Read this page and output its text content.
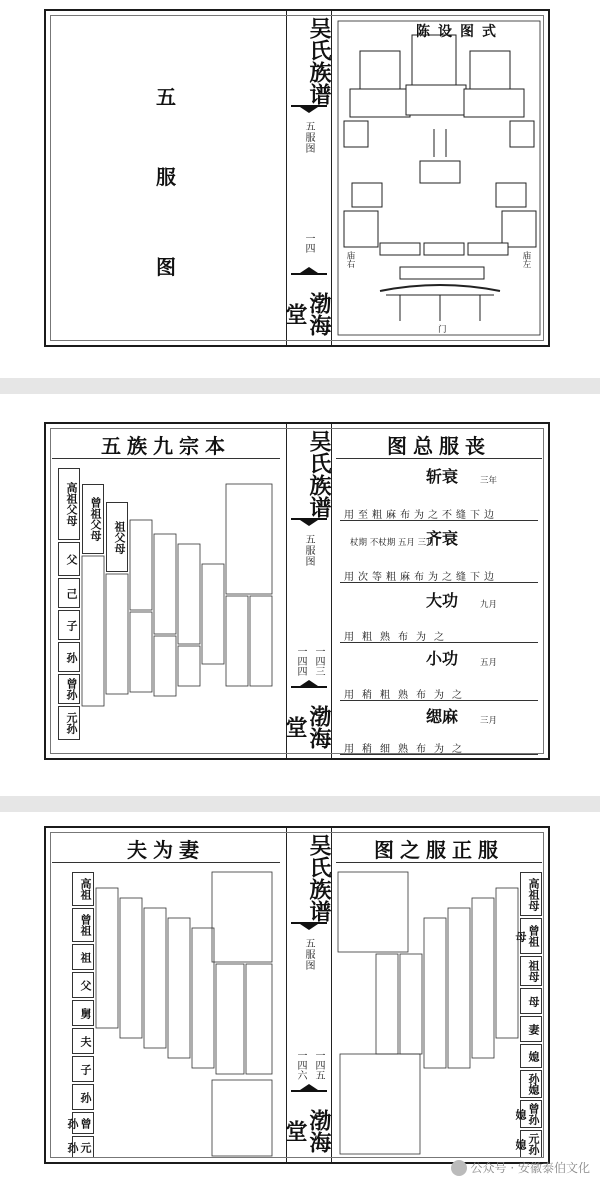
五
服
图
吴氏族谱
五服图
一四
渤海堂
陈设图式
庙右	庙左
门
五族九宗本
高祖父母	曾祖父母	祖父母
父
己
子
孙
曾孙
元孙
吴氏族谱
五服图
一四四 一四三
渤海堂
图总服丧
斩衰	三年
用至粗麻布为之不缝下边
齐衰
杖期 不杖期 五月 三月
用次等粗麻布为之缝下边
大功	九月
用粗熟布为之
小功	五月
用稍粗熟布为之
缌麻	三月
用稍细熟布为之
夫为妻
高祖
曾祖
祖
父
舅
夫
子
孙
曾孙
元孙
吴氏族谱
五服图
一四六 一四五
渤海堂
图之服正服
高祖母
曾祖母
祖母
母
妻
媳
孙媳
曾孙媳
元孙媳
公众号 · 安徽泰伯文化
